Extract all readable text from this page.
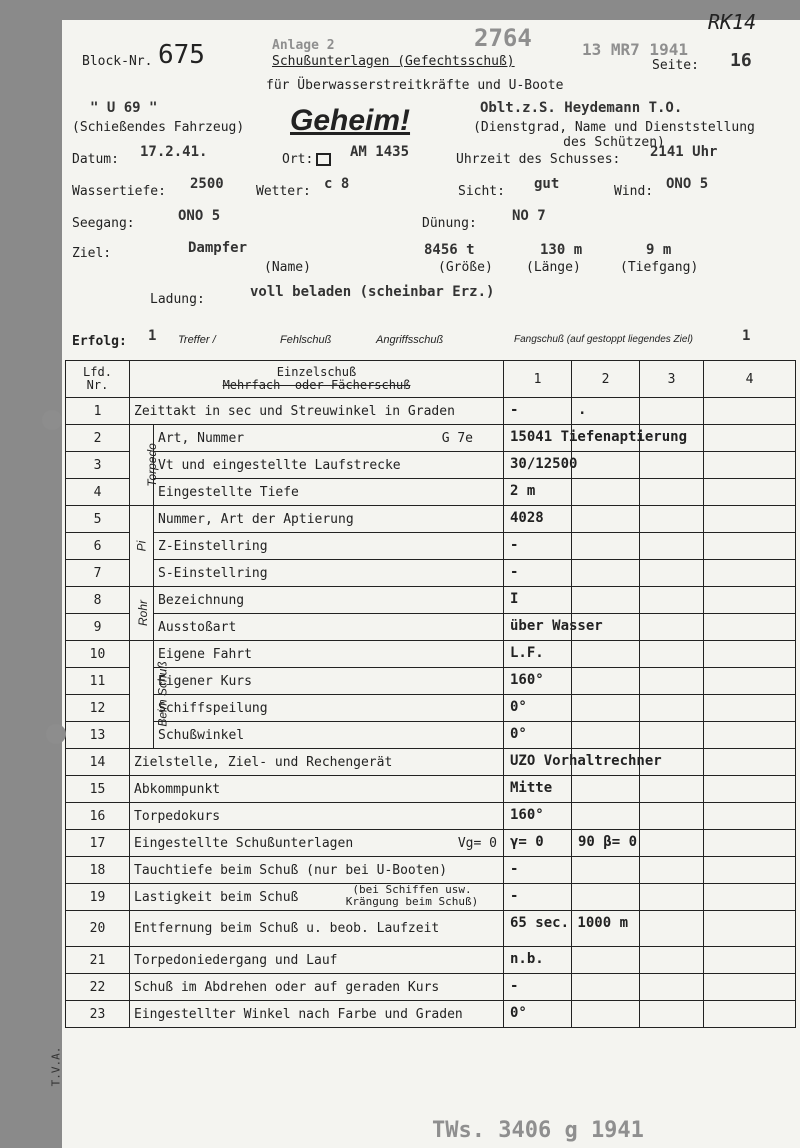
Block-Nr. 675	Anlage 2	2764	13 MR7 1941
RK14
Schußunterlagen (Gefechtsschuß)	Seite: 16
für Überwasserstreitkräfte und U-Boote
" U 69 "
(Schießendes Fahrzeug) Geheim!	Oblt.z.S. Heydemann T.O.
(Dienstgrad, Name und Dienststellung des Schützen)
Datum: 17.2.41.	Ort:	AM 1435	Uhrzeit des Schusses: 2141 Uhr
Wassertiefe: 2500 Wetter: c 8	Sicht: gut	Wind: ONO 5
Seegang:	ONO 5	Dünung:	NO 7
Ziel:	Dampfer
(Name)
8456 t
(Größe)
130 m
(Länge)
9 m
(Tiefgang)
Ladung:	voll beladen (scheinbar Erz.)
Erfolg: 1 Treffer /	Fehlschuß	Angriffsschuß	Fangschuß (auf gestoppt liegendes Ziel)	1
Lfd. Nr.	Einzelschuß
Mehrfach- oder Fächerschuß		1	2	3	4
1	Zeittakt in sec und Streuwinkel in Graden		-	.		

2	Torpedo	Art, Nummer G 7e	15041 Tiefenaptierung			

3		Vt und eingestellte Laufstrecke	30/12500			

4		Eingestellte Tiefe	2 m			

5	Pi	Nummer, Art der Aptierung	4028			

6		Z-Einstellring	-			

7		S-Einstellring	-			

8	Rohr	Bezeichnung	I			

9		Ausstoßart	über Wasser			

10	Beim Schuß	Eigene Fahrt	L.F.			

11		Eigener Kurs	160°			

12		Schiffspeilung	0°			

13		Schußwinkel	0°			

14	Zielstelle, Ziel- und Rechengerät		UZO Vorhaltrechner			

15	Abkommpunkt		Mitte			

16	Torpedokurs		160°			

17	Eingestellte Schußunterlagen Vg= 0		γ= 0	90 β= 0		

18	Tauchtiefe beim Schuß (nur bei U-Booten)		-			

19	Lastigkeit beim Schuß (bei Schiffen usw. Krängung beim Schuß)		-			

20	Entfernung beim Schuß u. beob. Laufzeit		65 sec. 1000 m			

21	Torpedoniedergang und Lauf		n.b.			

22	Schuß im Abdrehen oder auf geraden Kurs		-			

23	Eingestellter Winkel nach Farbe und Graden		0°			

TWs. 3406 g 1941
T.V.A.
